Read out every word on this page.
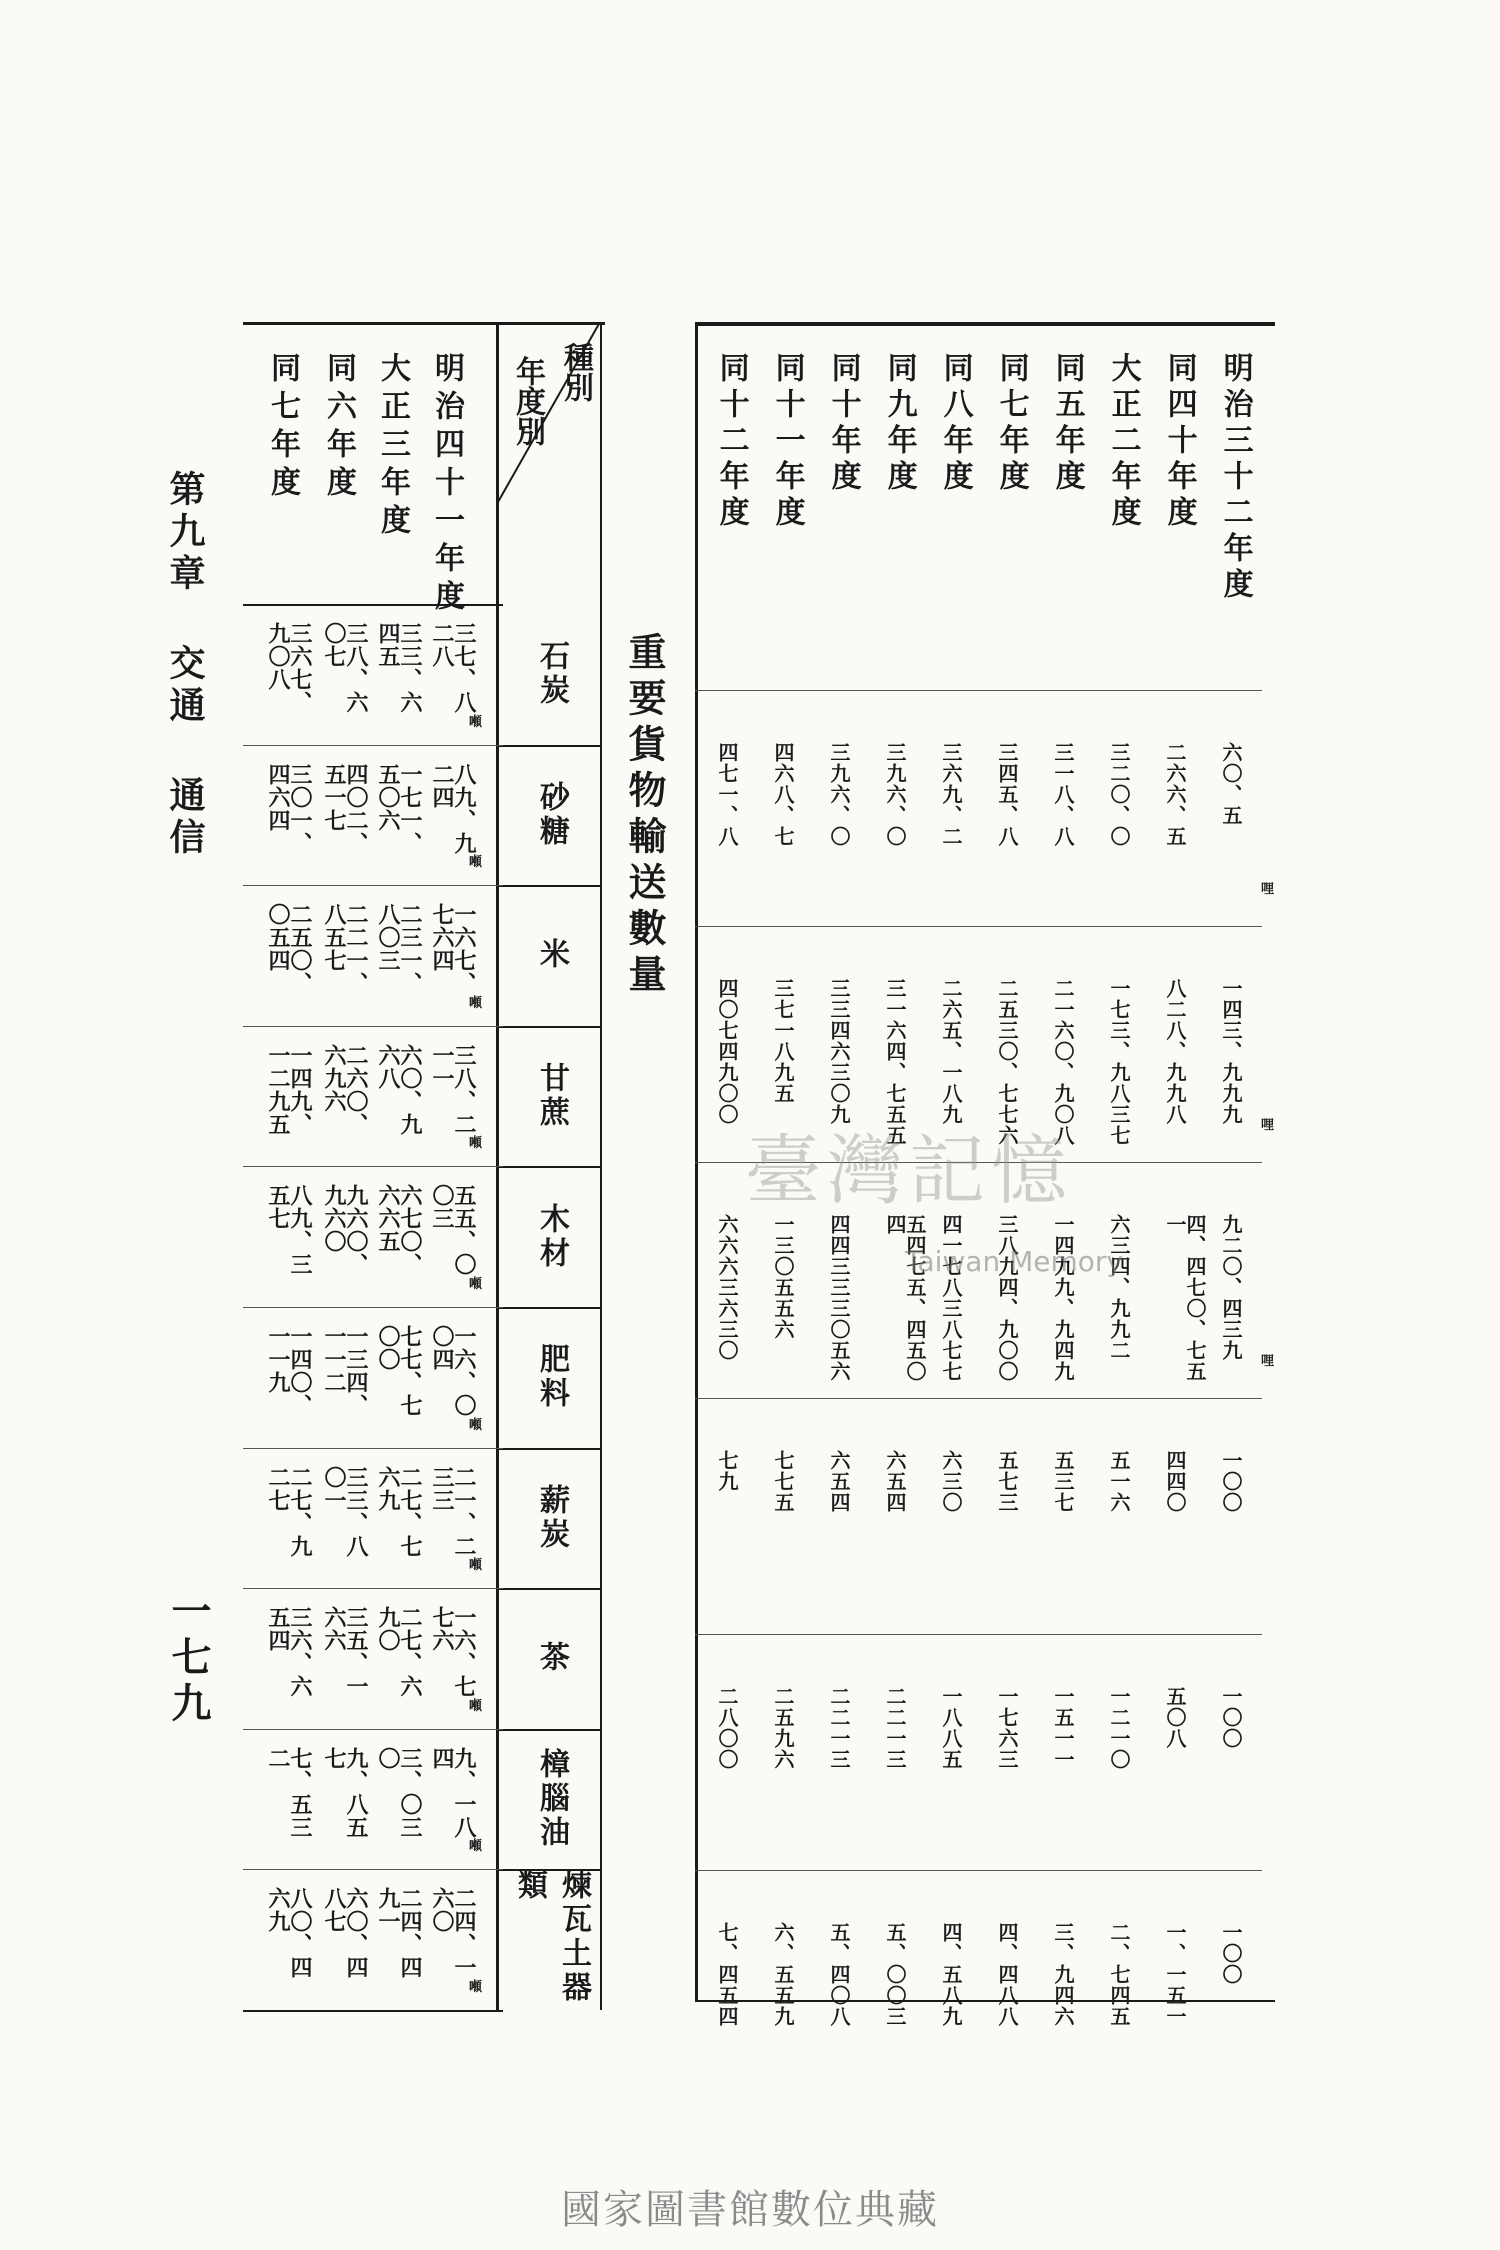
第九章 交通 通信
一七九
種別
年度別
明治四十一年度
大正三年度
同六年度
同七年度
石炭
噸
三七、八二八
三三、六四五
三八、六〇七
三六七、九〇八
砂糖
噸
八九、九二四
一七一、五〇六
四〇二、五一七
三〇一、四六四
米
噸
一六七、七六四
二三一、八〇三
二二一、八五七
二五〇、〇五四
甘蔗
噸
三八、二一一
六〇、九六八
二六〇、六九六
一四九、一二九五
木材
噸
五五、〇〇三
六七〇、六六五
九六〇、九六〇
八九、三五七
肥料
噸
一六、〇〇四
七七、七〇〇
一三四、一一二
一四〇、一一九
薪炭
噸
二一、二三三
二七、七六九
三三、八〇一
二七、九二七
茶
噸
一六、七七六
二七、六九〇
三五、一六六
三六、六五四
樟腦油
噸
九、一八四
三、〇三〇
九、八五七
七、五三二
煉瓦土器類
噸
二四、一六〇
二四、四九一
六〇、四八七
八〇、四六九
重要貨物輸送數量
明治三十二年度
同四十年度
大正二年度
同五年度
同七年度
同八年度
同九年度
同十年度
同十一年度
同十二年度
六〇、五
二六六、五
三二〇、〇
三一八、八
三四五、八
三六九、二
三九六、〇
三九六、〇
四六八、七
四七一、八
哩
一四三、九九九
八二八、九九八
一七三、九八三七
二一六〇、九〇八
二五三〇、七七六
二六五、一八九
三一六四、七五五
三三四六三〇九
三七一八九五
四〇七四九〇〇
哩
九二〇、四三九
四、四七〇、七五一
六三四、九九二
一四九九、九四九
三八九四、九〇〇
四一七八三八七七
五四七五、四五〇四
四四三三三〇五六
一三〇五五六
六六六三六三〇
哩
一〇〇
四四〇
五一六
五三七
五七三
六三〇
六五四
六五四
七七五
七九
一〇〇
五〇八
一二一〇
一五一一
一七六三
一八八五
二二一三
二二一三
二五九六
二八〇〇
一〇〇
一、一五一
二、七四五
三、九四六
四、四八八
四、五八九
五、〇〇三
五、四〇八
六、五五九
七、四五四
臺灣記憶
Taiwan Memory
國家圖書館數位典藏
